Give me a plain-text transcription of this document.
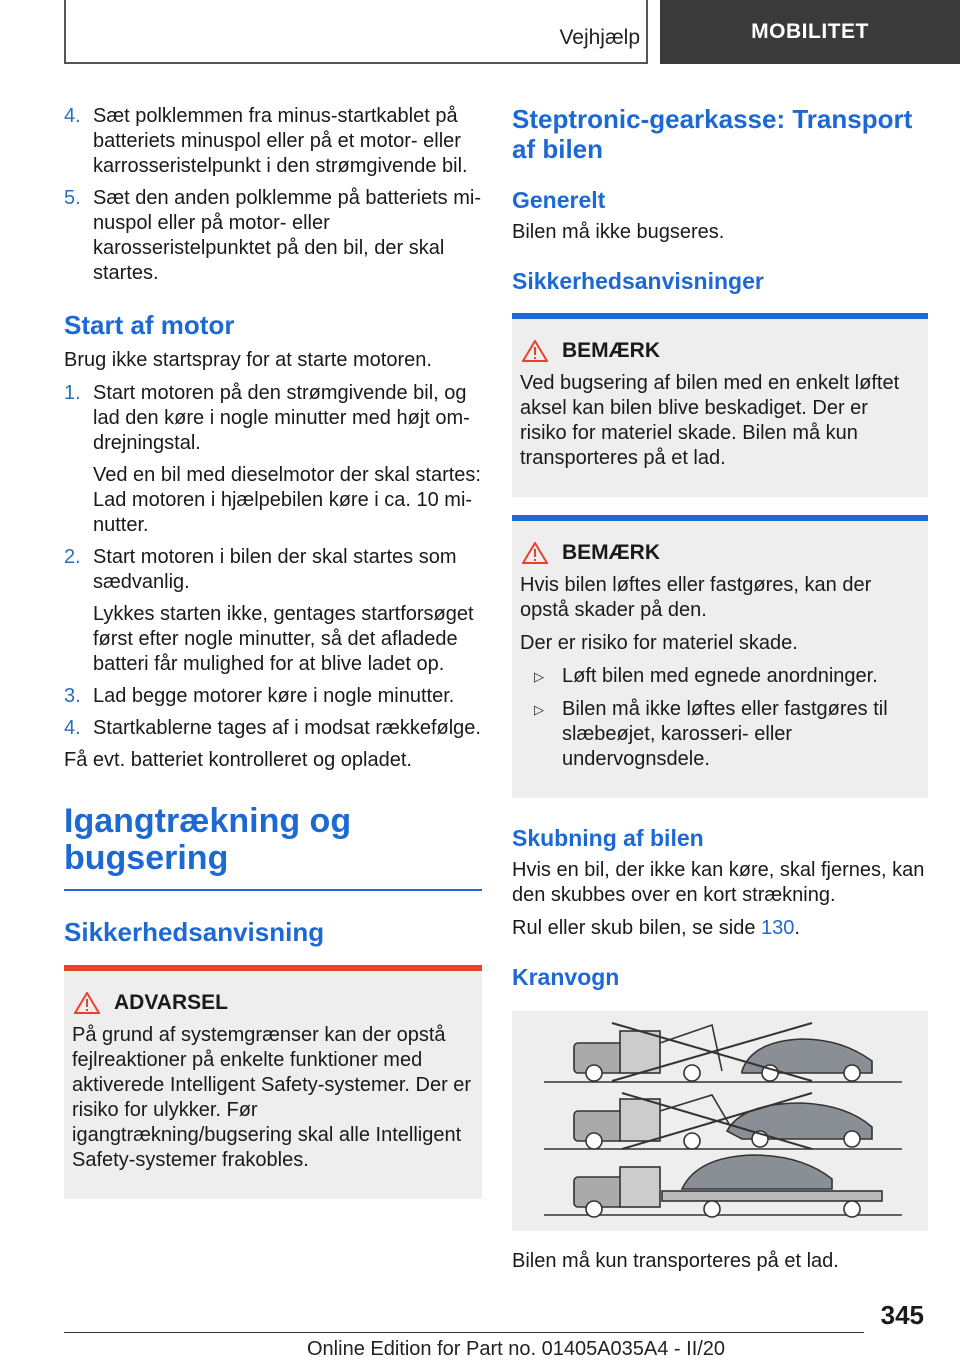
Vejhjælp	MOBILITET
4. Sæt polklemmen fra minus-startkablet på batteriets minuspol eller på et motor- eller karrosseristelpunkt i den strømgivende bil.
5. Sæt den anden polklemme på batteriets minuspol eller på motor- eller karosseristelpunktet på den bil, der skal startes.
Start af motor

Brug ikke startspray for at starte motoren.

1. Start motoren på den strømgivende bil, og lad den køre i nogle minutter med højt omdrejningstal.
Ved en bil med dieselmotor der skal startes: Lad motoren i hjælpebilen køre i ca. 10 minutter.
2. Start motoren i bilen der skal startes som sædvanlig.
Lykkes starten ikke, gentages startforsøget først efter nogle minutter, så det afladede batteri får mulighed for at blive ladet op.
3. Lad begge motorer køre i nogle minutter.
4. Startkablerne tages af i modsat rækkefølge.

Få evt. batteriet kontrolleret og opladet.

Igangtrækning og
bugsering
Sikkerhedsanvisning
ADVARSEL

På grund af systemgrænser kan der opstå fejlreaktioner på enkelte funktioner med aktiverede Intelligent Safety-systemer. Der er risiko for ulykker. Før igangtrækning/bugsering skal alle Intelligent Safety-systemer frakobles.

Steptronic-gearkasse: Transport af bilen
Generelt

Bilen må ikke bugseres.

Sikkerhedsanvisninger
BEMÆRK

Ved bugsering af bilen med en enkelt løftet aksel kan bilen blive beskadiget. Der er risiko for materiel skade. Bilen må kun transporteres på et lad.

BEMÆRK

Hvis bilen løftes eller fastgøres, kan der opstå skader på den.

Der er risiko for materiel skade.

▷ Løft bilen med egnede anordninger.
▷ Bilen må ikke løftes eller fastgøres til slæbeøjet, karosseri- eller undervognsdele.
Skubning af bilen

Hvis en bil, der ikke kan køre, skal fjernes, kan den skubbes over en kort strækning.

Rul eller skub bilen, se side 130.

Kranvogn

Bilen må kun transporteres på et lad.

345
Online Edition for Part no. 01405A035A4 - II/20
